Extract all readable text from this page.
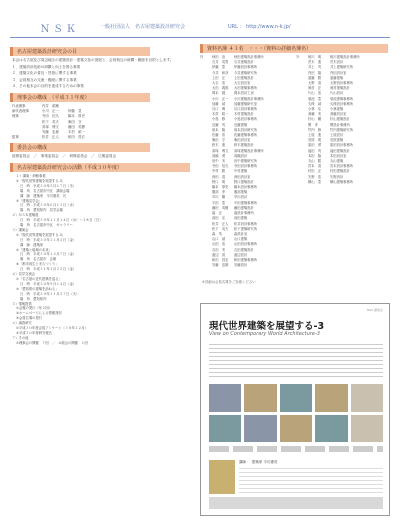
ＮＳＫ	一般社団法人　名古屋建築設計研究会	URL ： http://www.n-k.jp/
名古屋建築設計研究会の目

本会は名古屋及び周辺地区の建築設計・建築文化の発展と、会員相互の研鑽・親睦を目的とします。

１．建築設計技術の研鑽と向上を図る事業

２．建築文化の普及・啓発に関する事業

３．会員相互の交流・親睦に関する事業

４．その他本会の目的を達成するための事業

理事会の構成　（平成３１年度）
代表理事	内井　昭蔵
副代表理事	小川　正一	伊藤　豊
理事	寺田　信久	橋本　厚史
松下　英夫	柴田　守
高塚　博文	藤田　英樹
安藤　忠雄	木村　昭一
監事	松井　正人	和田　昌宏
委員会の構成
総務委員会　／　事業委員会　／　研修委員会　／　広報委員会
名古屋建築設計研究会の活動（平成３０年度）
１）講演・研修事業
①「現代世界建築を展望する-3」
日　時　平成３０年５月１７日（木）
場　所　名古屋市中区　講演会場
講　師　建築家　今川憲英　氏
②「建築見学会」
日　時　平成３０年６月１３日（水）
場　所　愛知県内　見学会場
２）ＮＳＫ建築展
日　時　平成３０年１１月１４日（水）～１８日（日）
場　所　名古屋市中区　ギャラリー
３）講演会
①「現代世界建築を展望する-3」
日　時　平成３０年１１月２日（金）
講　師　建築家
②「建築と地域の未来」
日　時　平成３０年１２月７日（金）
場　所　名古屋市　会館
③「都市再生とまちづくり」
日　時　平成３１年１月２５日（金）
４）見学交流会
①「名古屋の近代建築を巡る」
日　時　平成３０年９月１４日（金）
②「愛知県の建築を訪ねる」
日　時　平成３０年１１月２７日（火）
場　所　愛知県内
５）情報提供
①会報の発行（年２回）
②ホームページによる情報発信
③会員名簿の発行
６）調査研究
①平成３０年度会員アンケート（３０年１２月）
②平成３０年度研究報告
７）その他
①理事会の開催　７回　／　②総会の開催　１回
資料名簿 ４１名　・・・（資料の詳細名簿名）
内	秋田　治	秋田建築設計事務所
石井　英男	石井建築設計
伊藤　豊	伊藤設計事務所
今井　和彦	今井建築研究所
上田　正	上田建築設計
大石　浩	大石設計室
太田　義郎	太田建築事務所
岡本　健	岡本設計工房
小川　正一	小川建築設計事務所
加藤　誠	加藤建築研究室
川口　博	川口設計事務所
木村　昭一	木村建築設計
小島　修	小島設計事務所
近藤　茂	近藤建築
坂本　隆	坂本設計研究所
佐藤　浩	佐藤建築事務所
柴田　守	柴田設計室
鈴木　進	鈴木建築設計
高塚　博文	高塚建築設計事務所
高橋　勇	高橋設計
田中　実	田中建築研究所
寺田　信久	寺田設計事務所
中村　勝	中村建築
西田　清	西田設計室
野口　明	野口建築設計
橋本　厚史	橋本設計事務所
服部　孝	服部建築
早川　剛	早川設計
平田　豊	平田建築事務所
藤田　英樹	藤田建築設計
堀　正	堀設計事務所
前田　弘	前田建築
松井　正人	松井設計事務所
松下　英夫	松下建築研究所
森　茂	森設計室
山口　誠	山口建築
山田　浩	山田設計事務所
吉田　実	吉田建築設計
渡辺　清	渡辺設計
和田　昌宏	和田建築事務所
安藤　忠雄	安藤設計
外	相川　明	相川建築設計事務所
荒木　進	荒木設計
井上　茂	井上建築研究所
内田　隆	内田設計室
遠藤　勝	遠藤建築
大野　清	大野設計事務所
奥村　正	奥村建築設計
片山　浩	片山設計
菊池　豊	菊池建築事務所
久保　誠	久保設計事務所
小林　弘	小林建築
斎藤　実	斎藤設計室
杉山　剛	杉山建築設計
関　孝	関設計事務所
竹内　修	竹内建築研究所
土屋　進	土屋設計
長尾　明	長尾建築
原田　勇	原田設計事務所
福田　茂	福田建築設計
本田　隆	本田設計室
丸山　勝	丸山建築
宮本　清	宮本設計事務所
村田　正	村田建築設計
矢野　浩	矢野設計
横山　豊	横山建築事務所
※詳細は会員名簿をご参照ください
NSK 講演会
現代世界建築を展望する-3
View on Contemporary World Architecture-3
講師 ： 建築家 今川憲英
